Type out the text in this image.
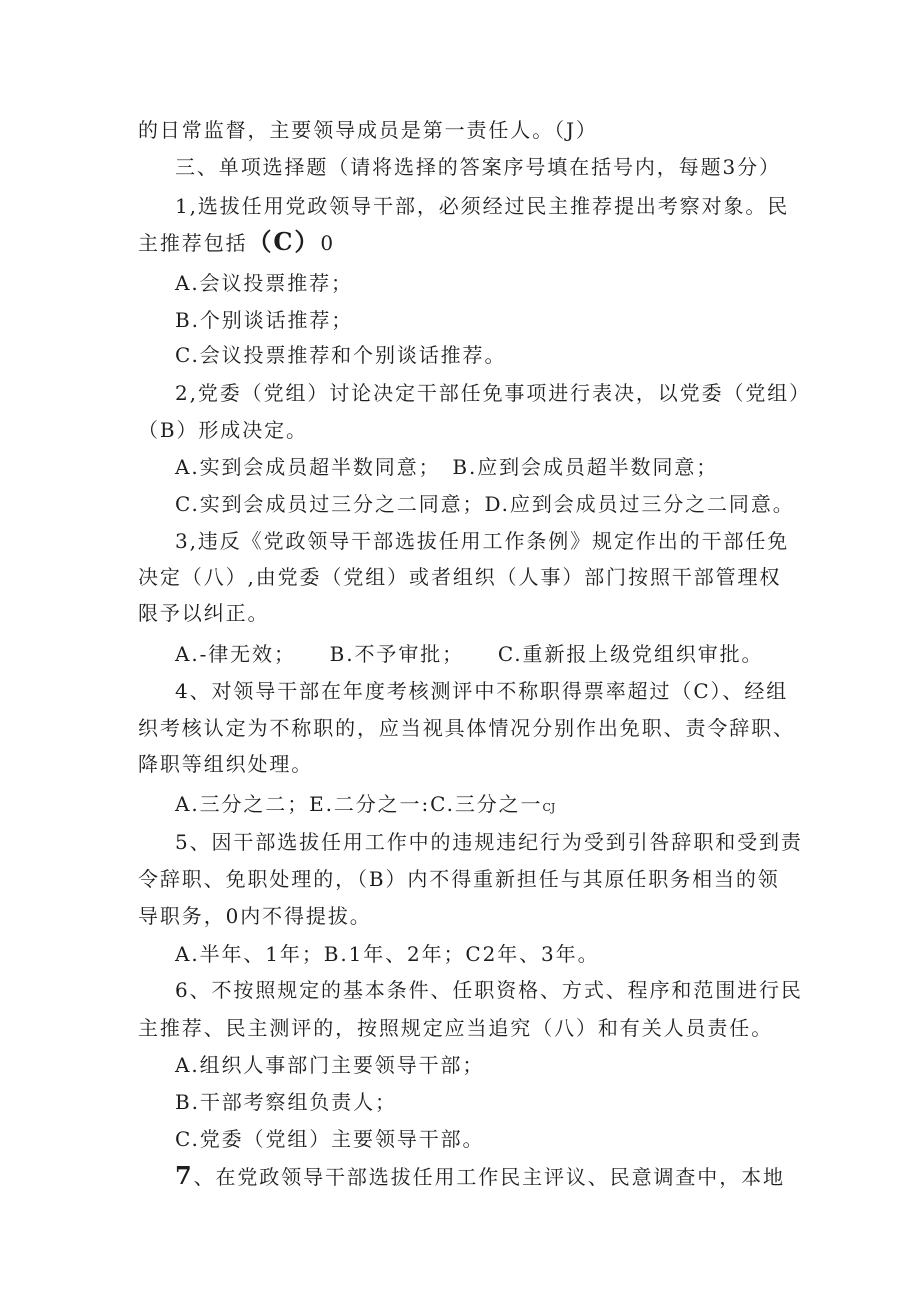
的日常监督，主要领导成员是第一责任人。（J）
三、单项选择题（请将选择的答案序号填在括号内，每题3分）
1,选拔任用党政领导干部，必须经过民主推荐提出考察对象。民
主推荐包括（C）0
A.会议投票推荐；
B.个别谈话推荐；
C.会议投票推荐和个别谈话推荐。
2,党委（党组）讨论决定干部任免事项进行表决，以党委（党组）
（B）形成决定。
A.实到会成员超半数同意；　B.应到会成员超半数同意；
C.实到会成员过三分之二同意；D.应到会成员过三分之二同意。
3,违反《党政领导干部选拔任用工作条例》规定作出的干部任免
决定（八）,由党委（党组）或者组织（人事）部门按照干部管理权
限予以纠正。
A.-律无效；　　B.不予审批；　　C.重新报上级党组织审批。
4、对领导干部在年度考核测评中不称职得票率超过（C）、经组
织考核认定为不称职的，应当视具体情况分别作出免职、责令辞职、
降职等组织处理。
A.三分之二；E.二分之一:C.三分之一CJ
5、因干部选拔任用工作中的违规违纪行为受到引咎辞职和受到责
令辞职、免职处理的，（B）内不得重新担任与其原任职务相当的领
导职务，0内不得提拔。
A.半年、1年；B.1年、2年；C2年、3年。
6、不按照规定的基本条件、任职资格、方式、程序和范围进行民
主推荐、民主测评的，按照规定应当追究（八）和有关人员责任。
A.组织人事部门主要领导干部；
B.干部考察组负责人；
C.党委（党组）主要领导干部。
7、在党政领导干部选拔任用工作民主评议、民意调查中，本地
